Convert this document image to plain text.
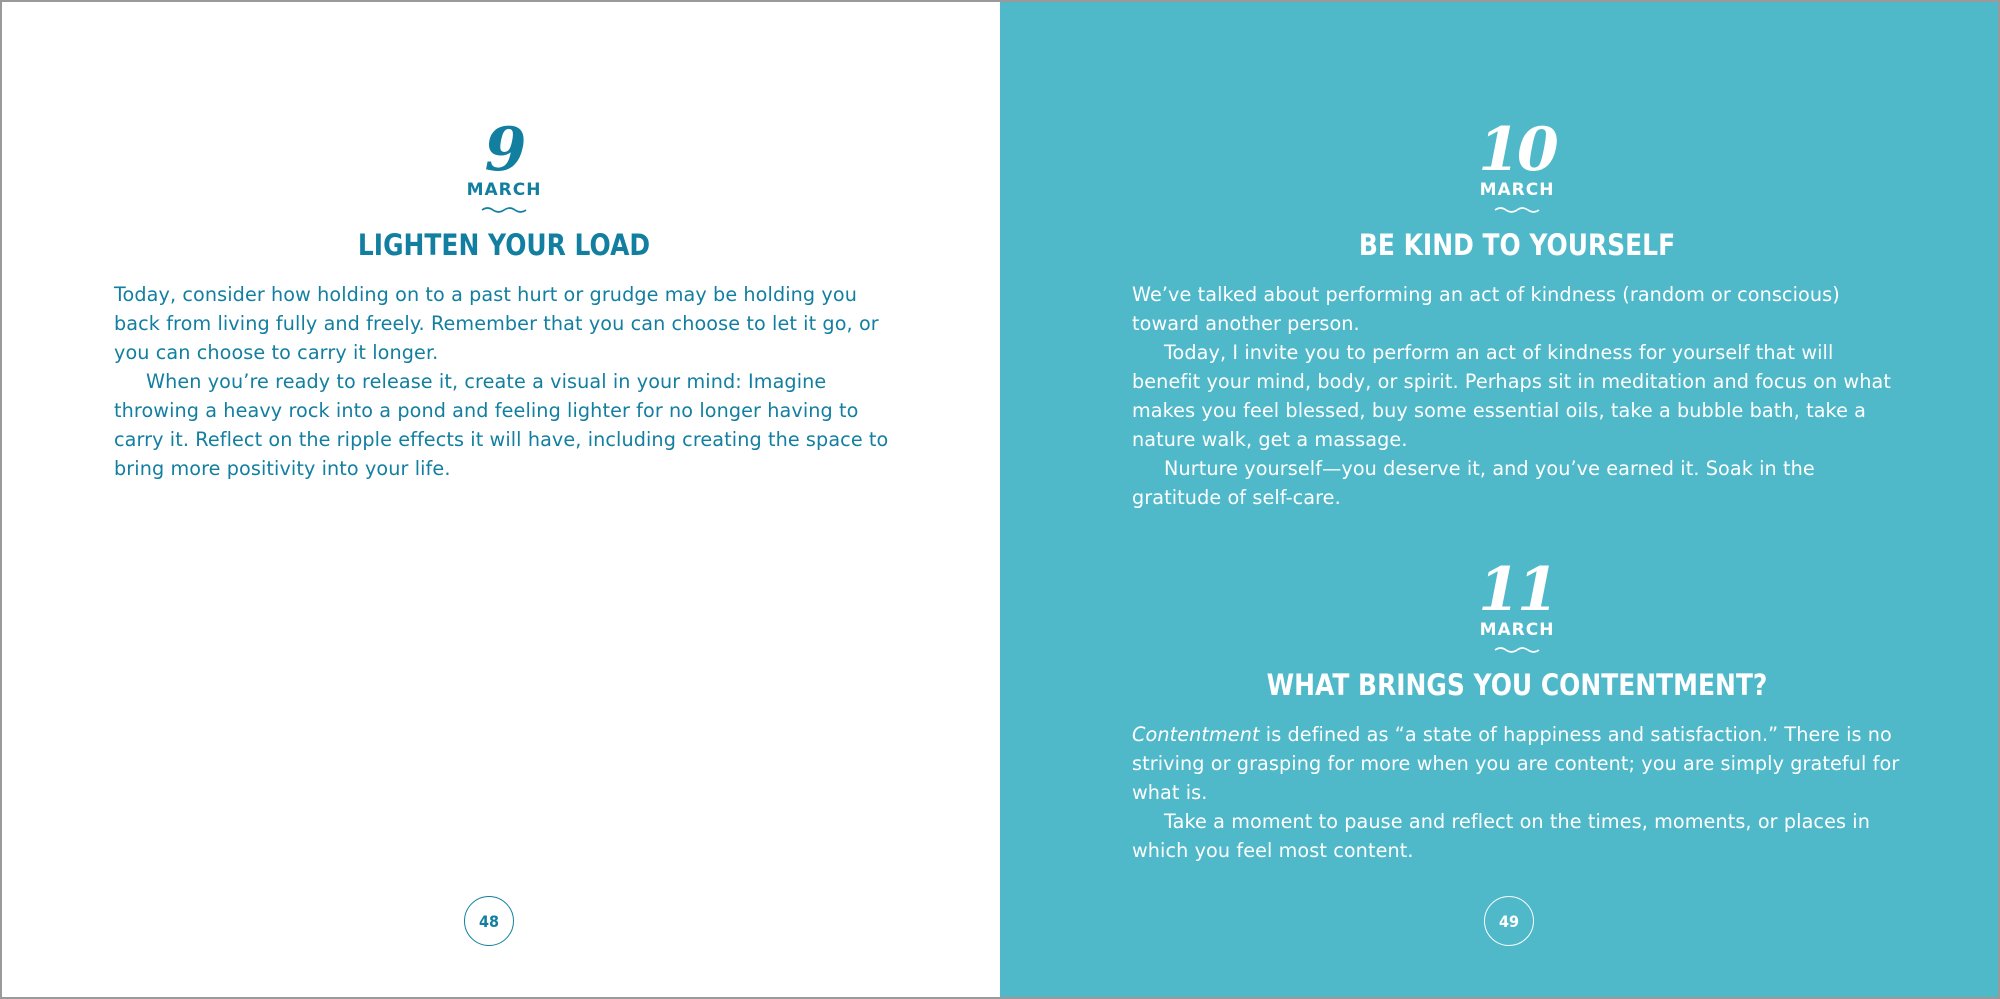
9
MARCH
LIGHTEN YOUR LOAD

Today, consider how holding on to a past hurt or grudge may be holding you back from living fully and freely. Remember that you can choose to let it go, or you can choose to carry it longer.

When you’re ready to release it, create a visual in your mind: Imagine throwing a heavy rock into a pond and feeling lighter for no longer having to carry it. Reflect on the ripple effects it will have, including creating the space to bring more positivity into your life.

48
10
MARCH
BE KIND TO YOURSELF

We’ve talked about performing an act of kindness (random or conscious) toward another person.

Today, I invite you to perform an act of kindness for yourself that will benefit your mind, body, or spirit. Perhaps sit in meditation and focus on what makes you feel blessed, buy some essential oils, take a bubble bath, take a nature walk, get a massage.

Nurture yourself—you deserve it, and you’ve earned it. Soak in the gratitude of self-care.

11
MARCH
WHAT BRINGS YOU CONTENTMENT?

Contentment is defined as “a state of happiness and satisfaction.” There is no striving or grasping for more when you are content; you are simply grateful for what is.

Take a moment to pause and reflect on the times, moments, or places in which you feel most content.

49
